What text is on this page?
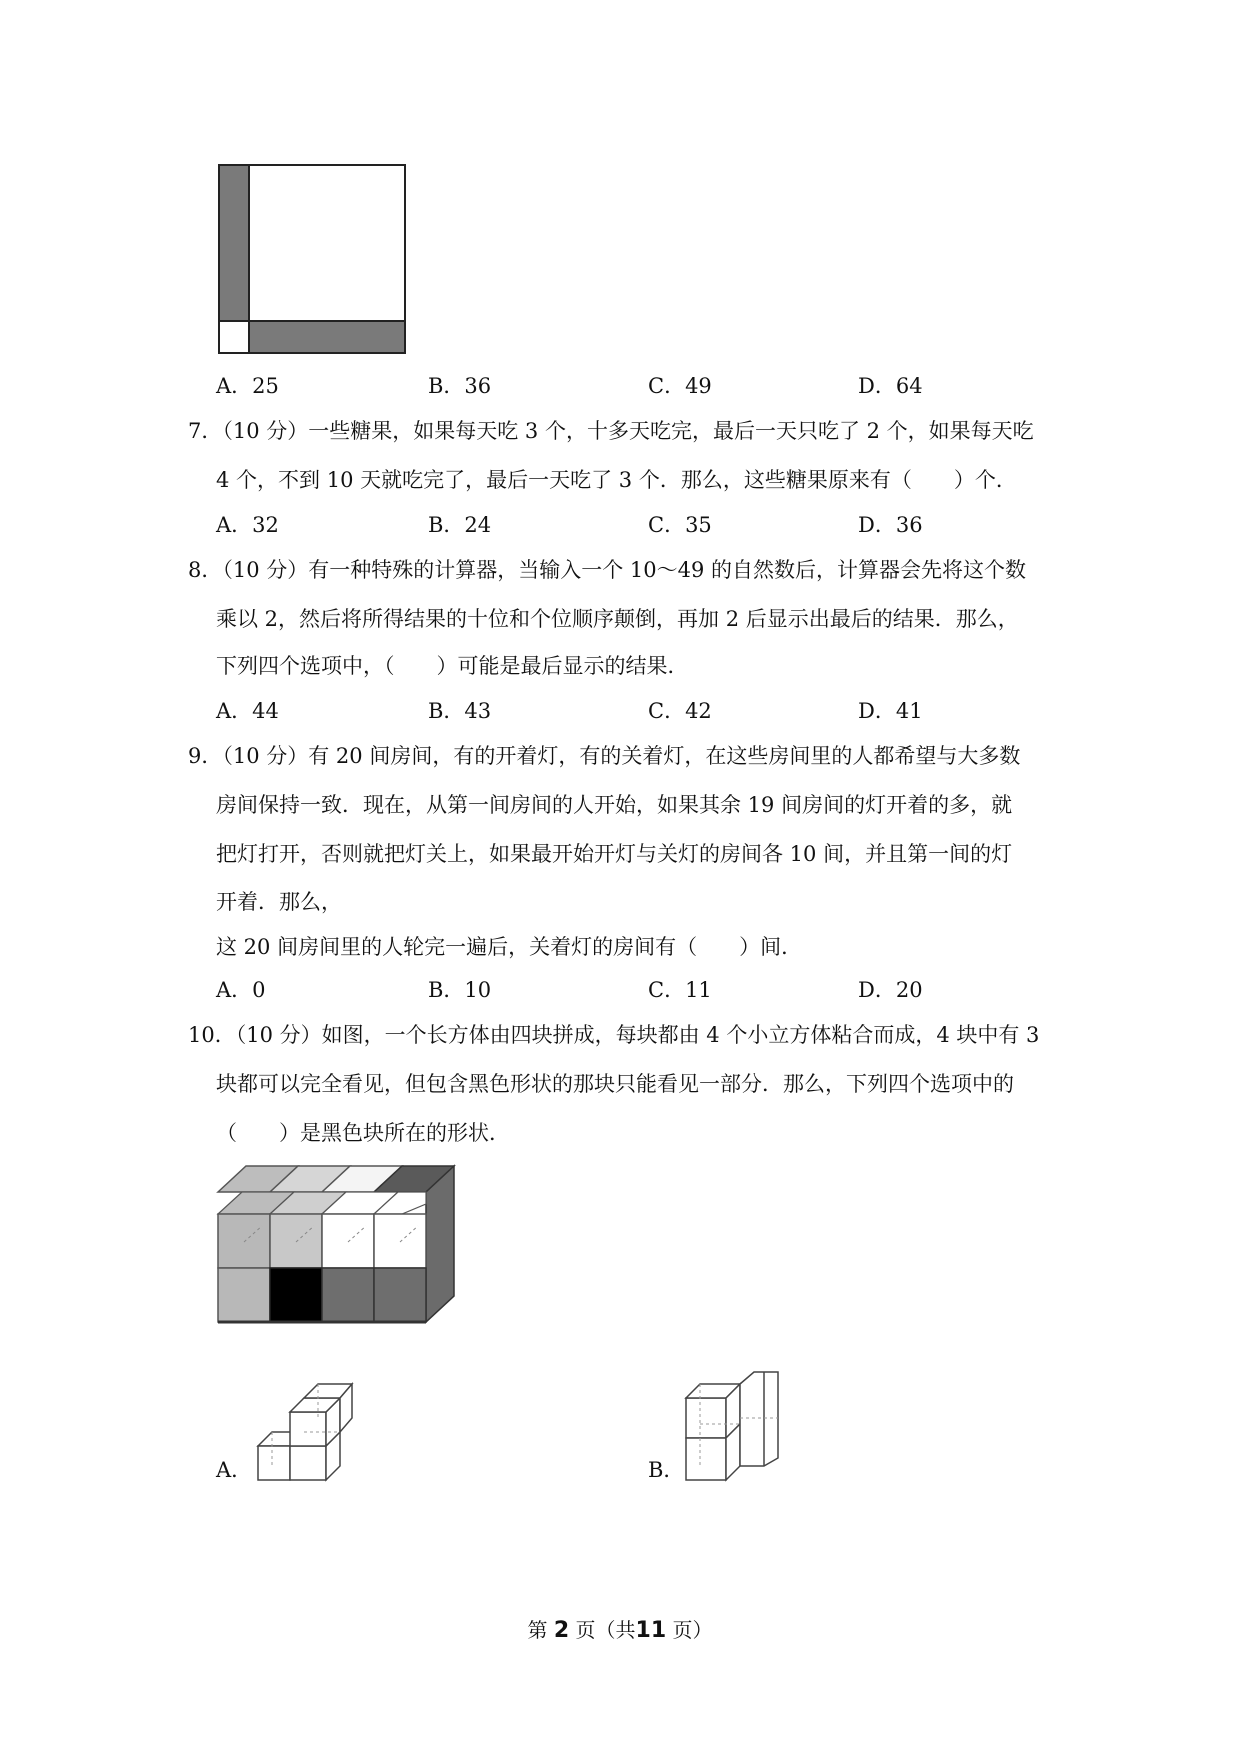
A．25	B．36	C．49	D．64
7．（10 分）一些糖果，如果每天吃 3 个，十多天吃完，最后一天只吃了 2 个，如果每天吃
4 个，不到 10 天就吃完了，最后一天吃了 3 个．那么，这些糖果原来有（　　）个．
A．32	B．24	C．35	D．36
8．（10 分）有一种特殊的计算器，当输入一个 10～49 的自然数后，计算器会先将这个数
乘以 2，然后将所得结果的十位和个位顺序颠倒，再加 2 后显示出最后的结果．那么，
下列四个选项中，（　　）可能是最后显示的结果．
A．44	B．43	C．42	D．41
9．（10 分）有 20 间房间，有的开着灯，有的关着灯，在这些房间里的人都希望与大多数
房间保持一致．现在，从第一间房间的人开始，如果其余 19 间房间的灯开着的多，就
把灯打开，否则就把灯关上，如果最开始开灯与关灯的房间各 10 间，并且第一间的灯
开着．那么，
这 20 间房间里的人轮完一遍后，关着灯的房间有（　　）间．
A．0	B．10	C．11	D．20
10．（10 分）如图，一个长方体由四块拼成，每块都由 4 个小立方体粘合而成，4 块中有 3
块都可以完全看见，但包含黑色形状的那块只能看见一部分．那么，下列四个选项中的
（　　）是黑色块所在的形状．
A．	B．
第 2 页（共11 页）
